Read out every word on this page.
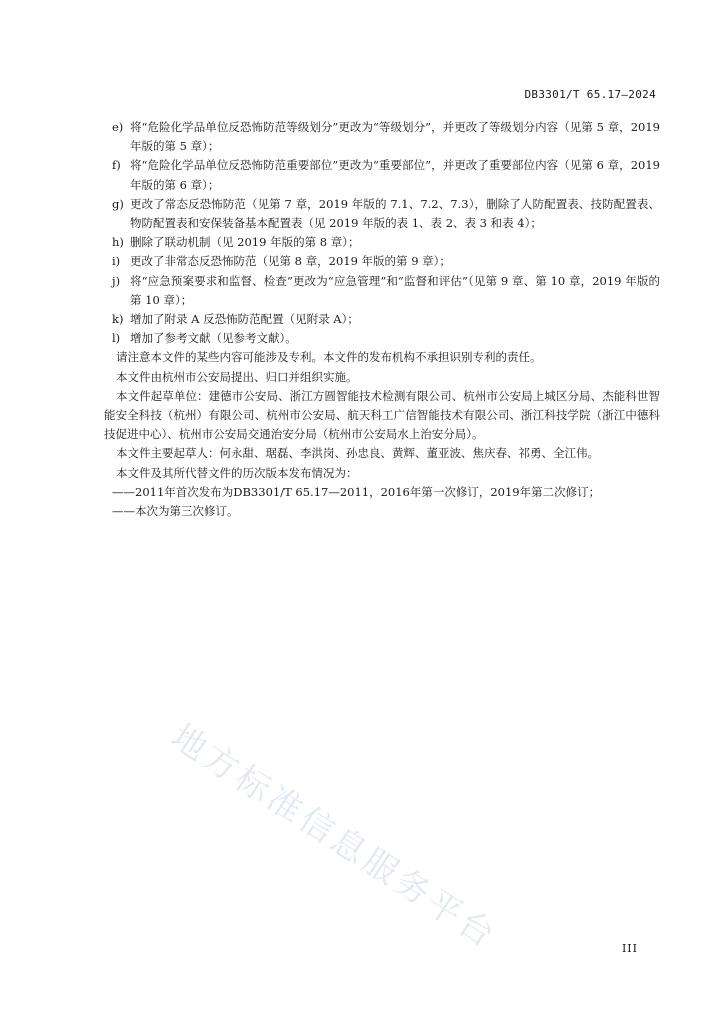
DB3301/T 65.17—2024
e) 将“危险化学品单位反恐怖防范等级划分”更改为“等级划分”，并更改了等级划分内容（见第 5 章，2019 年版的第 5 章）；
f) 将“危险化学品单位反恐怖防范重要部位”更改为“重要部位”，并更改了重要部位内容（见第 6 章，2019 年版的第 6 章）；
g) 更改了常态反恐怖防范（见第 7 章，2019 年版的 7.1、7.2、7.3），删除了人防配置表、技防配置表、物防配置表和安保装备基本配置表（见 2019 年版的表 1、表 2、表 3 和表 4）；
h) 删除了联动机制（见 2019 年版的第 8 章）；
i) 更改了非常态反恐怖防范（见第 8 章，2019 年版的第 9 章）；
j) 将“应急预案要求和监督、检查”更改为“应急管理”和“监督和评估”（见第 9 章、第 10 章，2019 年版的第 10 章）；
k) 增加了附录 A 反恐怖防范配置（见附录 A）；
l) 增加了参考文献（见参考文献）。
请注意本文件的某些内容可能涉及专利。本文件的发布机构不承担识别专利的责任。
本文件由杭州市公安局提出、归口并组织实施。
本文件起草单位：建德市公安局、浙江方圆智能技术检测有限公司、杭州市公安局上城区分局、杰能科世智能安全科技（杭州）有限公司、杭州市公安局、航天科工广信智能技术有限公司、浙江科技学院（浙江中德科技促进中心）、杭州市公安局交通治安分局（杭州市公安局水上治安分局）。
本文件主要起草人：何永甜、琚磊、李洪岗、孙忠良、黄辉、董亚波、焦庆春、祁勇、全江伟。
本文件及其所代替文件的历次版本发布情况为：
——2011年首次发布为DB3301/T 65.17—2011，2016年第一次修订，2019年第二次修订；
——本次为第三次修订。
地方标准信息服务平台	III
